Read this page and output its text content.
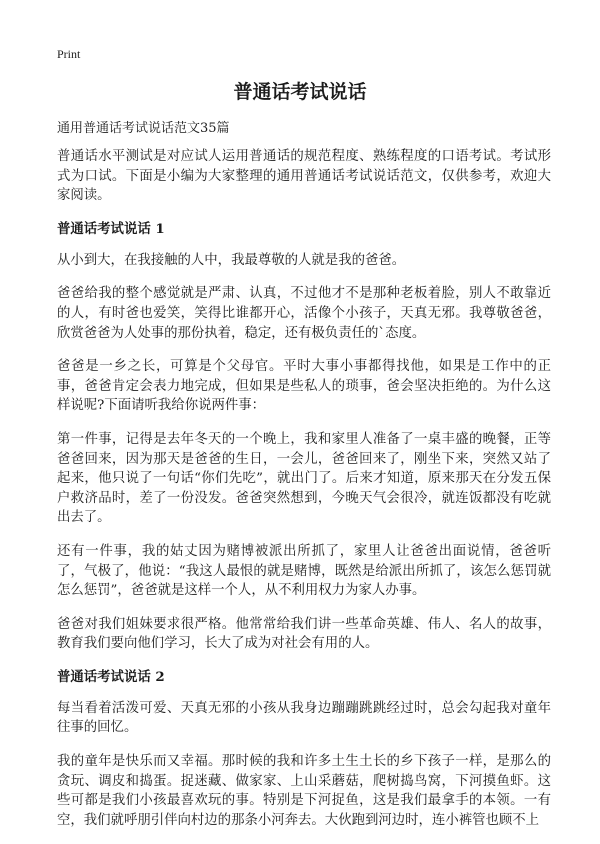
Print
普通话考试说话
通用普通话考试说话范文35篇

普通话水平测试是对应试人运用普通话的规范程度、熟练程度的口语考试。考试形式为口试。下面是小编为大家整理的通用普通话考试说话范文，仅供参考，欢迎大家阅读。

普通话考试说话 1

从小到大，在我接触的人中，我最尊敬的人就是我的爸爸。

爸爸给我的整个感觉就是严肃、认真，不过他才不是那种老板着脸，别人不敢靠近的人，有时爸也爱笑，笑得比谁都开心，活像个小孩子，天真无邪。我尊敬爸爸，欣赏爸爸为人处事的那份执着，稳定，还有极负责任的`态度。

爸爸是一乡之长，可算是个父母官。平时大事小事都得找他，如果是工作中的正事，爸爸肯定会表力地完成，但如果是些私人的琐事，爸会坚决拒绝的。为什么这样说呢?下面请听我给你说两件事：

第一件事，记得是去年冬天的一个晚上，我和家里人准备了一桌丰盛的晚餐，正等爸爸回来，因为那天是爸爸的生日，一会儿，爸爸回来了，刚坐下来，突然又站了起来，他只说了一句话“你们先吃”，就出门了。后来才知道，原来那天在分发五保户救济品时，差了一份没发。爸爸突然想到，今晚天气会很冷，就连饭都没有吃就出去了。

还有一件事，我的姑丈因为赌博被派出所抓了，家里人让爸爸出面说情，爸爸听了，气极了，他说：“我这人最恨的就是赌博，既然是给派出所抓了，该怎么惩罚就怎么惩罚”，爸爸就是这样一个人，从不利用权力为家人办事。

爸爸对我们姐妹要求很严格。他常常给我们讲一些革命英雄、伟人、名人的故事，教育我们要向他们学习，长大了成为对社会有用的人。

普通话考试说话 2

每当看着活泼可爱、天真无邪的小孩从我身边蹦蹦跳跳经过时，总会勾起我对童年往事的回忆。

我的童年是快乐而又幸福。那时候的我和许多土生土长的乡下孩子一样，是那么的贪玩、调皮和捣蛋。捉迷藏、做家家、上山采蘑菇，爬树捣鸟窝，下河摸鱼虾。这些可都是我们小孩最喜欢玩的事。特别是下河捉鱼，这是我们最拿手的本领。一有空，我们就呼朋引伴向村边的那条小河奔去。大伙跑到河边时，连小裤管也顾不上
